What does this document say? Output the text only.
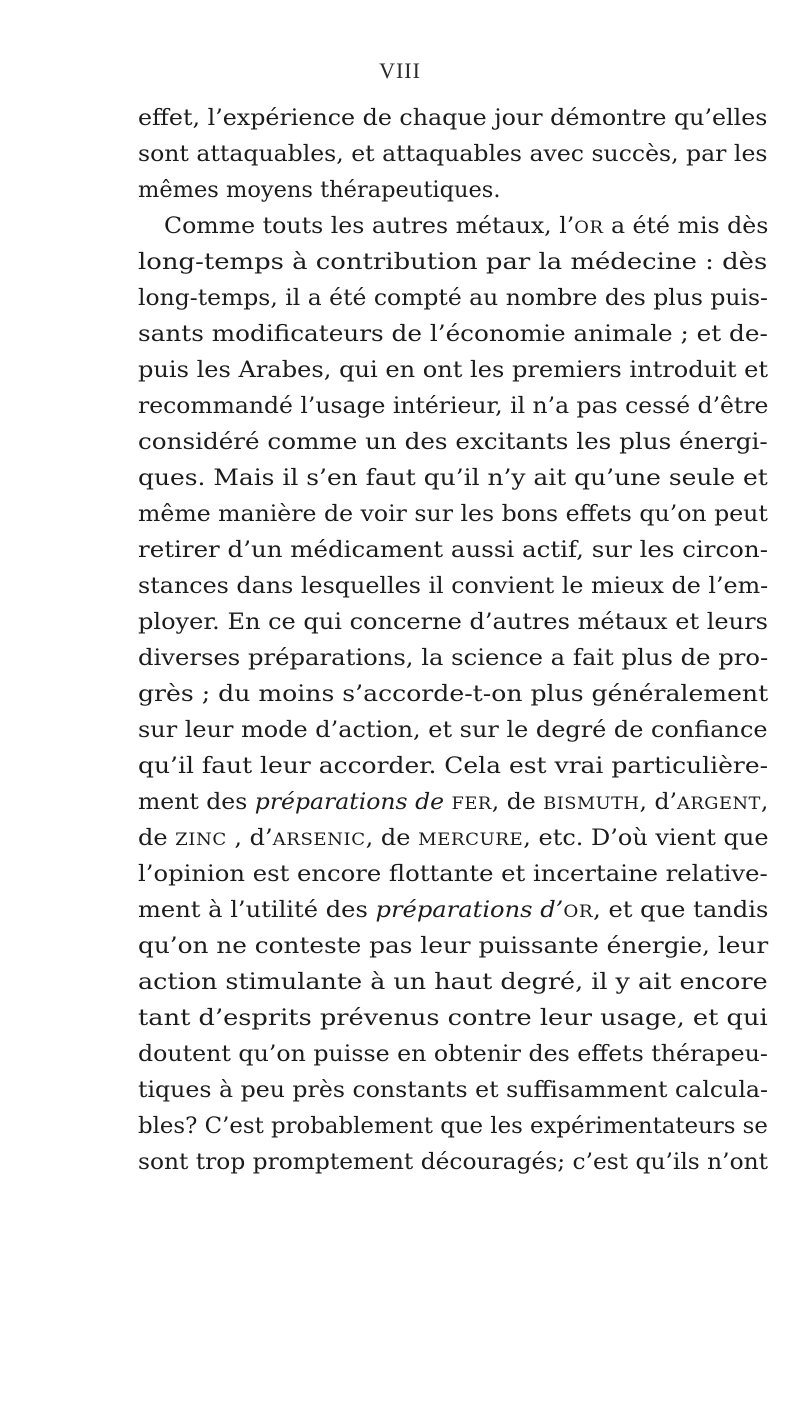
VIII
effet, l’expérience de chaque jour démontre qu’elles
sont attaquables, et attaquables avec succès, par les
mêmes moyens thérapeutiques.
Comme touts les autres métaux, l’OR a été mis dès
long-temps à contribution par la médecine : dès
long-temps, il a été compté au nombre des plus puis-
sants modificateurs de l’économie animale ; et de-
puis les Arabes, qui en ont les premiers introduit et
recommandé l’usage intérieur, il n’a pas cessé d’être
considéré comme un des excitants les plus énergi-
ques. Mais il s’en faut qu’il n’y ait qu’une seule et
même manière de voir sur les bons effets qu’on peut
retirer d’un médicament aussi actif, sur les circon-
stances dans lesquelles il convient le mieux de l’em-
ployer. En ce qui concerne d’autres métaux et leurs
diverses préparations, la science a fait plus de pro-
grès ; du moins s’accorde-t-on plus généralement
sur leur mode d’action, et sur le degré de confiance
qu’il faut leur accorder. Cela est vrai particulière-
ment des préparations de FER, de BISMUTH, d’ARGENT,
de ZINC , d’ARSENIC, de MERCURE, etc. D’où vient que
l’opinion est encore flottante et incertaine relative-
ment à l’utilité des préparations d’OR, et que tandis
qu’on ne conteste pas leur puissante énergie, leur
action stimulante à un haut degré, il y ait encore
tant d’esprits prévenus contre leur usage, et qui
doutent qu’on puisse en obtenir des effets thérapeu-
tiques à peu près constants et suffisamment calcula-
bles? C’est probablement que les expérimentateurs se
sont trop promptement découragés; c’est qu’ils n’ont
